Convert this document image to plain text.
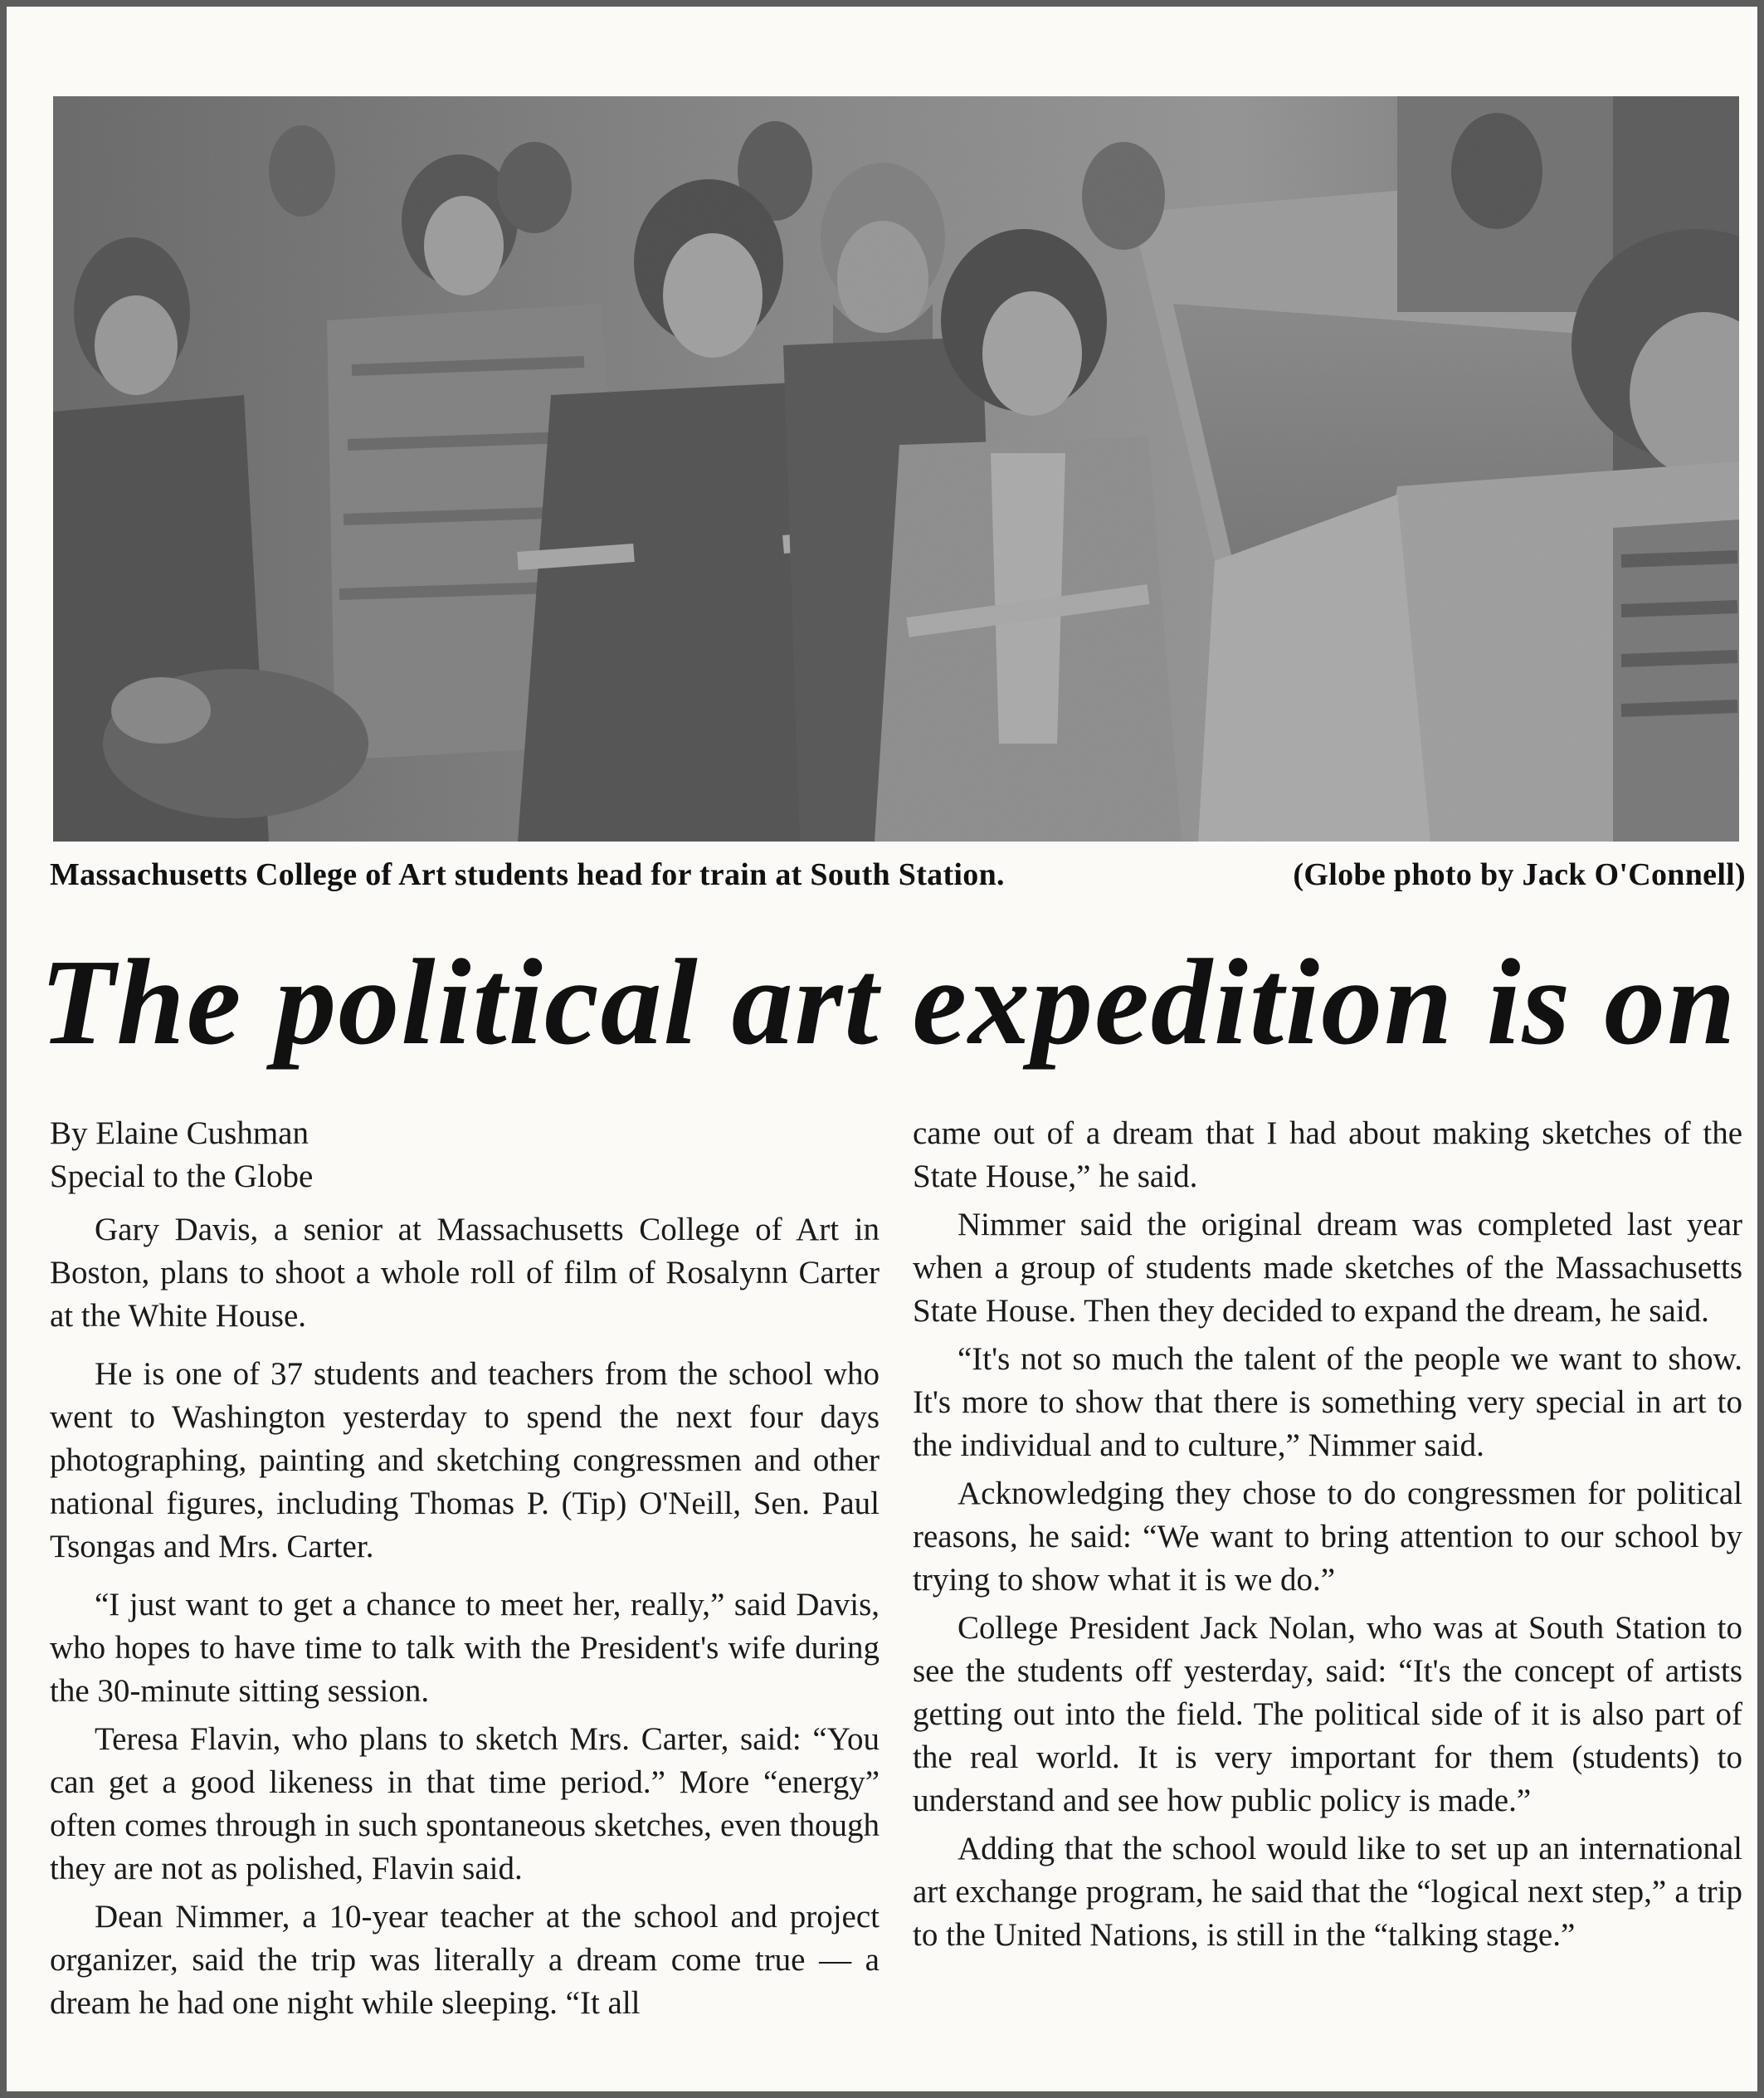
Massachusetts College of Art students head for train at South Station.	(Globe photo by Jack O'Connell)
The political art expedition is on

By Elaine Cushman

Special to the Globe

Gary Davis, a senior at Massachusetts College of Art in Boston, plans to shoot a whole roll of film of Rosalynn Carter at the White House.

He is one of 37 students and teachers from the school who went to Washington yesterday to spend the next four days photographing, painting and sketching congressmen and other national figures, including Thomas P. (Tip) O'Neill, Sen. Paul Tsongas and Mrs. Carter.

“I just want to get a chance to meet her, really,” said Davis, who hopes to have time to talk with the President's wife during the 30-minute sitting session.

Teresa Flavin, who plans to sketch Mrs. Carter, said: “You can get a good likeness in that time period.” More “energy” often comes through in such spontaneous sketches, even though they are not as polished, Flavin said.

Dean Nimmer, a 10-year teacher at the school and project organizer, said the trip was literally a dream come true — a dream he had one night while sleeping. “It all

came out of a dream that I had about making sketches of the State House,” he said.

Nimmer said the original dream was completed last year when a group of students made sketches of the Massachusetts State House. Then they decided to expand the dream, he said.

“It's not so much the talent of the people we want to show. It's more to show that there is something very special in art to the individual and to culture,” Nimmer said.

Acknowledging they chose to do congressmen for political reasons, he said: “We want to bring attention to our school by trying to show what it is we do.”

College President Jack Nolan, who was at South Station to see the students off yesterday, said: “It's the concept of artists getting out into the field. The political side of it is also part of the real world. It is very important for them (students) to understand and see how public policy is made.”

Adding that the school would like to set up an international art exchange program, he said that the “logical next step,” a trip to the United Nations, is still in the “talking stage.”
